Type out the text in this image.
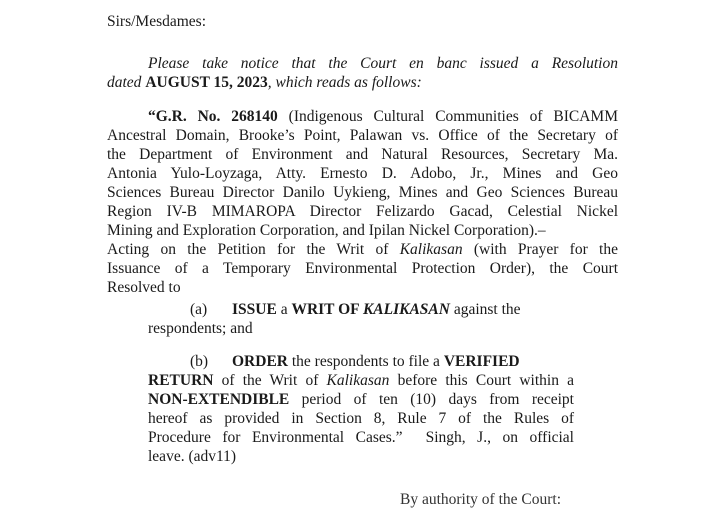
Sirs/Mesdames:

Please take notice that the Court en banc issued a Resolution

dated AUGUST 15, 2023, which reads as follows:

“G.R. No. 268140 (Indigenous Cultural Communities of BICAMM

Ancestral Domain, Brooke’s Point, Palawan vs. Office of the Secretary of

the Department of Environment and Natural Resources, Secretary Ma.

Antonia Yulo-Loyzaga, Atty. Ernesto D. Adobo, Jr., Mines and Geo

Sciences Bureau Director Danilo Uykieng, Mines and Geo Sciences Bureau

Region IV-B MIMAROPA Director Felizardo Gacad, Celestial Nickel

Mining and Exploration Corporation, and Ipilan Nickel Corporation).–

Acting on the Petition for the Writ of Kalikasan (with Prayer for the

Issuance of a Temporary Environmental Protection Order), the Court

Resolved to

(a) ISSUE a WRIT OF KALIKASAN against the

respondents; and

(b) ORDER the respondents to file a VERIFIED

RETURN of the Writ of Kalikasan before this Court within a

NON-EXTENDIBLE period of ten (10) days from receipt

hereof as provided in Section 8, Rule 7 of the Rules of

Procedure for Environmental Cases.”  Singh, J., on official

leave. (adv11)

By authority of the Court:
